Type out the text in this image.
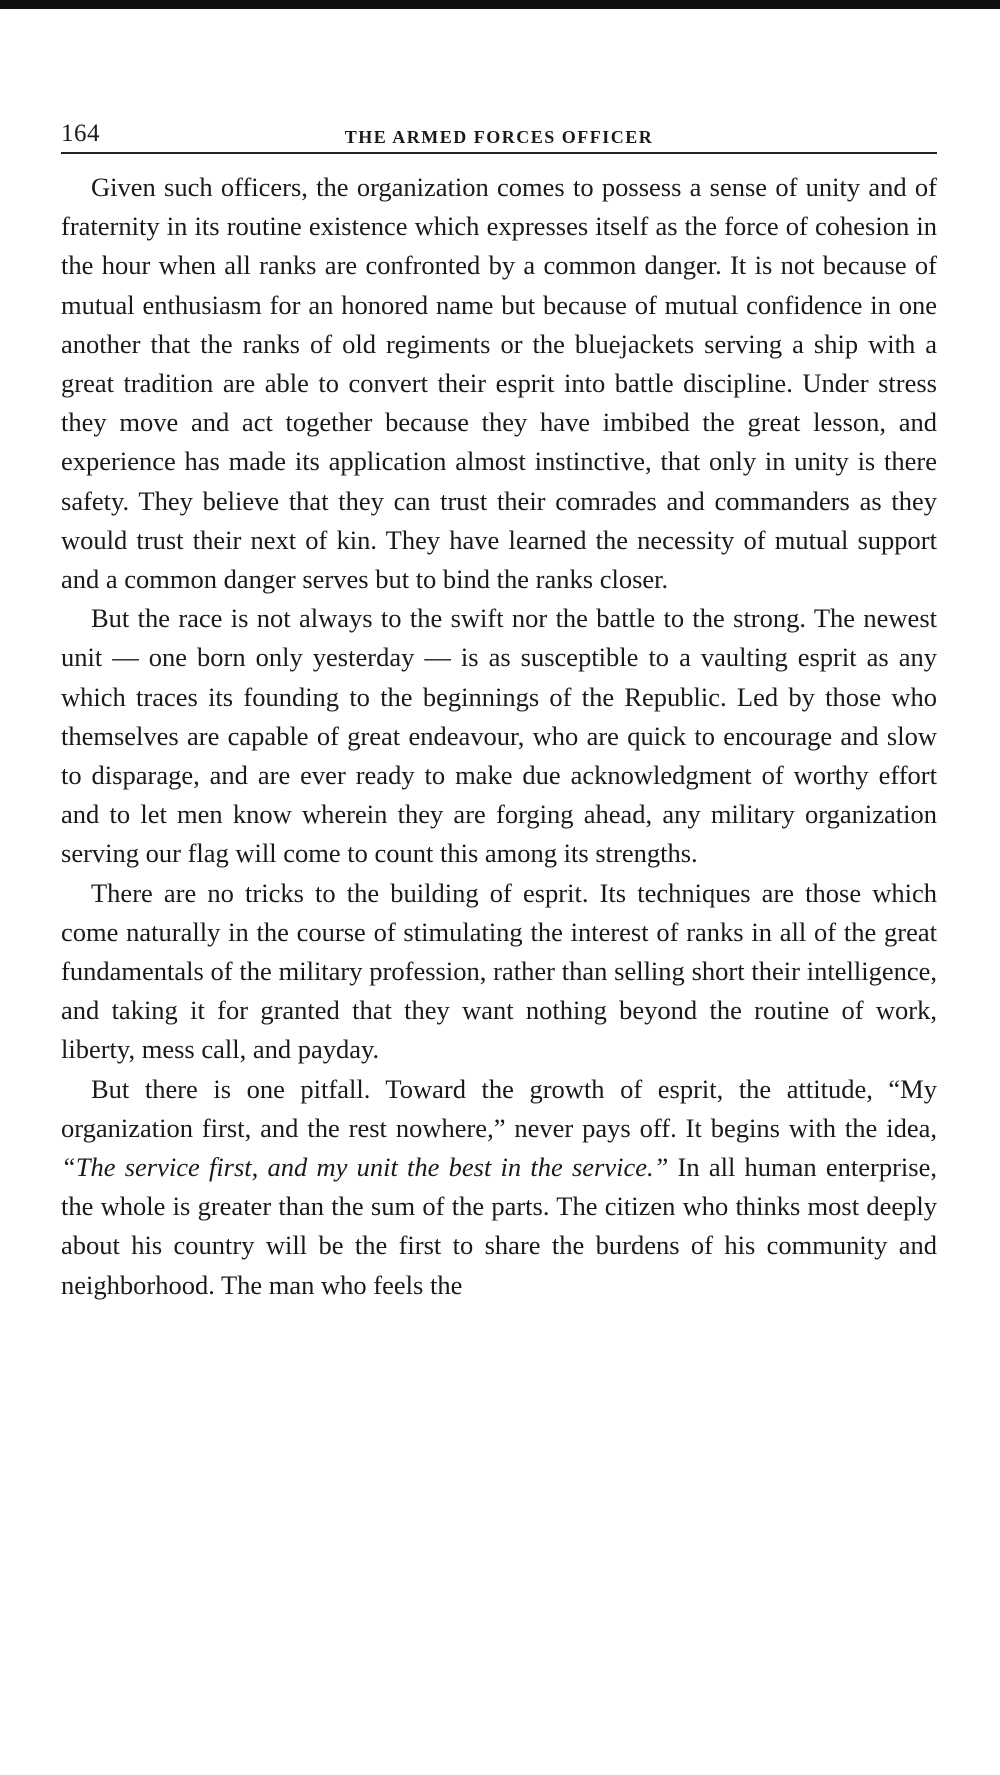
164	THE ARMED FORCES OFFICER

Given such officers, the organization comes to possess a sense of unity and of fraternity in its routine existence which expresses itself as the force of cohesion in the hour when all ranks are confronted by a common danger. It is not because of mutual enthusiasm for an honored name but because of mutual confidence in one another that the ranks of old regiments or the bluejackets serving a ship with a great tradition are able to convert their esprit into battle discipline. Under stress they move and act together because they have imbibed the great lesson, and experience has made its application almost instinctive, that only in unity is there safety. They believe that they can trust their comrades and commanders as they would trust their next of kin. They have learned the necessity of mutual support and a common danger serves but to bind the ranks closer.

But the race is not always to the swift nor the battle to the strong. The newest unit — one born only yesterday — is as susceptible to a vaulting esprit as any which traces its founding to the beginnings of the Republic. Led by those who themselves are capable of great endeavour, who are quick to encourage and slow to disparage, and are ever ready to make due acknowledgment of worthy effort and to let men know wherein they are forging ahead, any military organization serving our flag will come to count this among its strengths.

There are no tricks to the building of esprit. Its techniques are those which come naturally in the course of stimulating the interest of ranks in all of the great fundamentals of the military profession, rather than selling short their intelligence, and taking it for granted that they want nothing beyond the routine of work, liberty, mess call, and payday.

But there is one pitfall. Toward the growth of esprit, the attitude, “My organization first, and the rest nowhere,” never pays off. It begins with the idea, “The service first, and my unit the best in the service.” In all human enterprise, the whole is greater than the sum of the parts. The citizen who thinks most deeply about his country will be the first to share the burdens of his community and neighborhood. The man who feels the
